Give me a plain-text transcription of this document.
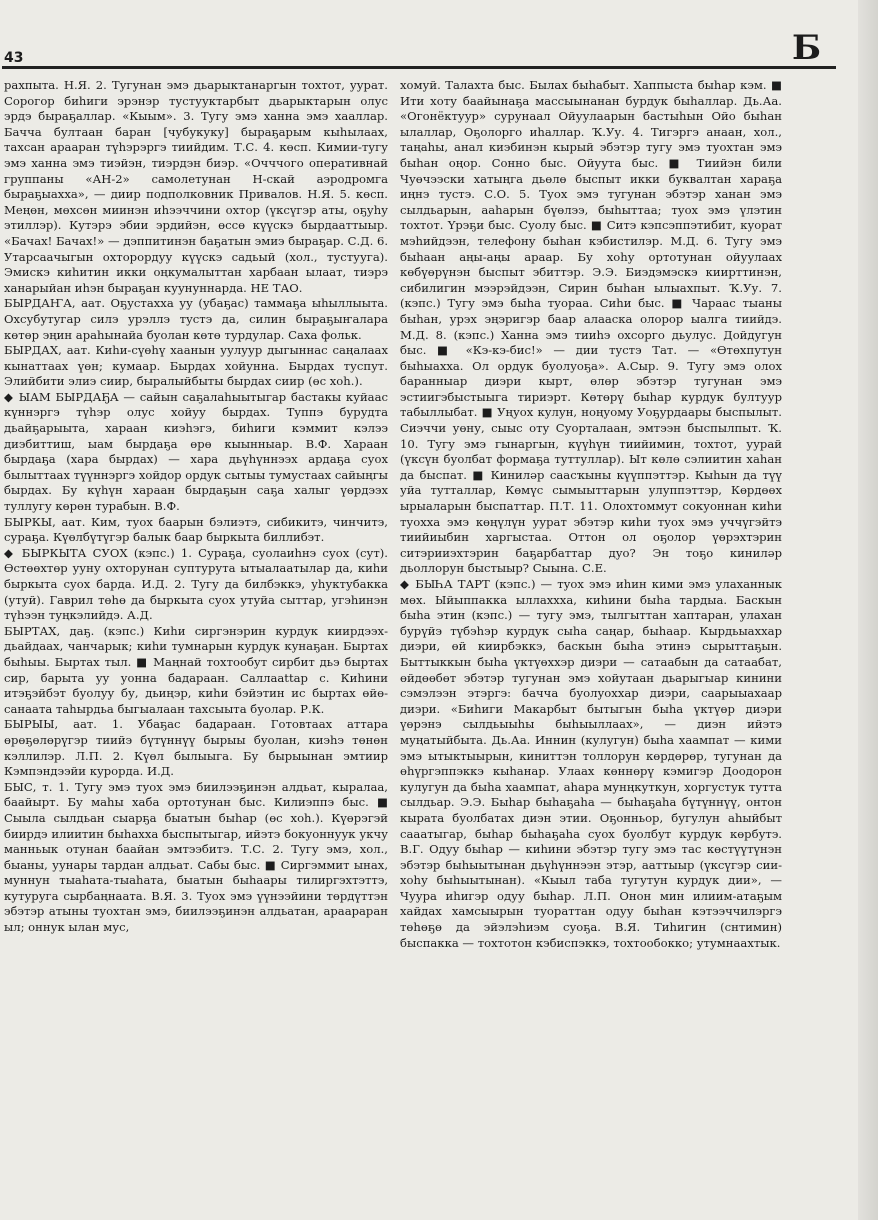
43	Б

рахпыта. Н.Я. 2. Тугунан эмэ дьарыктанаргын тохтот, уурат. Сорогор биһиги эрэнэр тустууктарбыт дьарыктарын олус эрдэ быраҕаллар. «Кыым». 3. Тугу эмэ ханна эмэ хааллар. Бачча бултаан баран [чубукуку] быраҕарым кыһылаах, тахсан арааран түһэрэргэ тиийдим. Т.С. 4. көсп. Кимии-тугу эмэ ханна эмэ тиэйэн, тиэрдэн биэр. «Очччого оперативнай группаны «АН-2» самолетунан Н-скай аэродромга быраҕыахха», — диир подполковник Привалов. Н.Я. 5. көсп. Меңөн, мөхсөн миинэн иһээччини охтор (үксүгэр аты, оҕуһу этиллэр). Кутэрэ эбии эрдийэн, өссө күүскэ бырдааттыыр. «Бачах! Бачах!» — дэппитинэн баҕатын эмиэ быраҕар. С.Д. 6. Утарсаачыгын охторордуу күүскэ садьый (хол., тустууга). Эмискэ киһитин икки оңкумалыттан харбаан ылаат, тиэрэ ханарыйан иһэн быраҕан куунуннарда. НЕ ТАО.

БЫРДАҤА, аат. Оҕустахха уу (убаҕас) таммаҕа ыһыллыыта. Охсубутугар силэ урэллэ тустэ да, силин быраҕыҥалара көтөр эңин араһынайа буолан көтө турдулар. Саха фольк.

БЫРДАХ, аат. Киһи-сүөһү хаанын уулуур дыгыннас саңалаах кынаттаах үөн; кумаар. Бырдах хойунна. Бырдах туспут. Элийбити элиэ сиир, быралыйбыты бырдах сиир (өс хоһ.).

◆ ЫАМ БЫРДАҔА — сайын саҕалаһыытыгар бастакы куйаас күннэргэ түһэр олус хойуу бырдах. Туппэ бурудта дьайҕарыыта, хараан киэһэгэ, биһиги кэммит кэлээ диэбиттиш, ыам бырдаҕа өрө кыынныар. В.Ф. Хараан бырдаҕа (хара бырдах) — хара дьүһүннээх ардаҕа суох былыттаах түүннэргэ хойдор ордук сытыы тумустаах сайыңгы бырдах. Бу күһүн хараан бырдаҕын саҕа халыг үөрдээх туллугу көрөн турабын. В.Ф.

БЫРКЫ, аат. Ким, туох баарын бэлиэтэ, сибикитэ, чинчитэ, сураҕа. Күөлбүтүгэр балык баар быркыта биллибэт.

◆ БЫРКЫТА СУОХ (кэпс.) 1. Сураҕа, суолаиһнэ суох (сут). Өстөөхтөр ууну охторунан суптурута ытыалаатылар да, киһи быркыта суох барда. И.Д. 2. Тугу да билбэккэ, уһуктубакка (утуй). Гаврил төһө да быркыта суох утуйа сыттар, угэһинэн түһээн туңкэлийдэ. А.Д.

БЫРТАХ, даҕ. (кэпс.) Киһи сиргэнэрин курдук киирдээх-дьайдаах, чанчарык; киһи тумнарын курдук кунаҕан. Быртах быһыы. Быртах тыл. ■ Маңнай тохтообут сирбит дьэ быртах сир, барыта уу уонна бадараан. Саллаattар с. Киһини итэҕэйбэт буолуу бу, дьиңэр, киһи бэйэтин ис быртах өйө-санаата таһырдьа быгыалаан тахсыыта буолар. Р.К.

БЫРЫЫ, аат. 1. Убаҕас бадараан. Готовтаах аттара өрөҕөлөрүгэр тиийэ бүтүннүү бырыы буолан, киэһэ төнөн кэллилэр. Л.П. 2. Күөл былыыга. Бу бырыынан эмтиир Кэмпэндээйи курорда. И.Д.

БЫС, т. 1. Тугу эмэ туох эмэ биилээҕинэн алдьат, кыралаа, баайырт. Бу маһы хаба ортотунан быс. Килиэппэ быс. ■ Сыыла сылдьан сыарҕа быатын быһар (өс хоһ.). Күөрэгэй биирдэ илиитин быһахха быспытыгар, ийэтэ бокуоннуук укчу манньык отунан баайан эмтээбитэ. Т.С. 2. Тугу эмэ, хол., быаны, уунары тардан алдьат. Сабы быс. ■ Сиргэммит ынах, муннун тыаһата-тыаһата, быатын быһаары тилиргэхтэттэ, кутуруга сырбаңнаата. В.Я. 3. Туох эмэ үүнээйини төрдүттэн эбэтэр атыны туохтан эмэ, биилээҕинэн алдьатан, араараран ыл; оннук ылан мус,

хомуй. Талахта быс. Былах быһабыт. Хаппыста быһар кэм. ■ Ити хоту баайынаҕа массыынанан бурдук быһаллар. Дь.Аа. «Огонёктуур» сурунаал Ойуулаарын бастыһын Ойо быһан ылаллар, Оҕолорго иһаллар. Ҡ.Уу. 4. Тигэргэ анаан, хол., таңаһы, анал киэбинэн кырый эбэтэр тугу эмэ туохтан эмэ быһан оңор. Сонно быс. Ойуута быс. ■ Тиийэн били Чуөчээски хатыңга дьөлө быспыт икки буквалтан хараҕа иңнэ тустэ. С.О. 5. Туох эмэ тугунан эбэтэр ханан эмэ сылдьарын, ааһарын бүөлээ, быһыттаа; туох эмэ үлэтин тохтот. Үрэҕи быс. Суолу быс. ■ Ситэ кэпсэппэтибит, куорат мэһийдээн, телефону быһан кэбистилэр. М.Д. 6. Тугу эмэ быһаан аңы-аңы араар. Бу хоһу ортотунан ойуулаах көбүөрүнэн быспыт эбиттэр. Э.Э. Биэдэмэскэ киирттинэн, сибилигин мээрэйдээн, Сирин быһан ылыахпыт. Ҡ.Уу. 7. (кэпс.) Тугу эмэ быһа туораа. Сиһи быс. ■ Чараас тыаны быһан, урэх эңэригэр баар алааска олорор ыалга тиийдэ. М.Д. 8. (кэпс.) Ханна эмэ тииһэ охсорго дьулус. Дойдугун быс. ■ «Кэ-кэ-бис!» — дии тустэ Тат. — «Өтөхпутун быһыахха. Ол ордук буолуоҕа». А.Сыр. 9. Тугу эмэ олох баранныар диэри кырт, өлөр эбэтэр тугунан эмэ эстиигэбыстыыга тириэрт. Көтөрү быһар курдук бултуур табыллыбат. ■ Уңуох кулун, ноңуому Уоҕурдаары быспылыт. Сиэччи уөну, сыыс оту Суорталаан, эмтээн быспылпыт. Ҡ. 10. Тугу эмэ гынаргын, күүһүн тиийимин, тохтот, уурай (үксүн буолбат формаҕа туттуллар). Ыт көлө сэлиитин хаһан да быспат. ■ Киниләр саасҡыны күүппэттэр. Кыһын да түү уйа тутталлар, Көмүс сымыыттарын улуппэттэр, Көрдөөх ырыаларын быспаттар. П.Т. 11. Олохтоммут сокуоннан киһи туохха эмэ көңүлүн уурат эбэтэр киһи туох эмэ уччүгэйтэ тиийиыбин харгыстаа. Оттон ол оҕолор үөрэхтэрин ситэрииэхтэрин баҕарбаттар дуо? Эн тоҕо киниләр дьоллорун быстыыр? Сыына. С.Е.

◆ БЫҺА ТАРТ (кэпс.) — туох эмэ иһин кими эмэ улаханнык мөх. Ыйыппакка ыллаххха, киһини быһа тардыа. Баскын быһа этин (кэпс.) — тугу эмэ, тылгыттан хаптаран, улахан бурүйэ түбэһэр курдук сыһа саңар, быһаар. Кырдьыаххар диэри, өй киирбэккэ, баскын быһа этинэ сырыттаҕын. Быттыккын быһа үктүөххэр диэри — сатаабын да сатаабат, өйдөөбөт эбэтэр тугунан эмэ хойутаан дьарыгыар кинини сэмэлээн этэргэ: бачча буолуоххар диэри, саарыыахаар диэри. «Биһиги Макарбыт бытыгын быһа үктүөр диэри үөрэнэ сылдьыыһы быһыыллаах», — диэн ийэтэ муңатыйбыта. Дь.Аа. Иннин (кулугун) быһа хаампат — кими эмэ ытыктыырын, киниттэн толлорун көрдөрөр, тугунан да өһүргэппэккэ кыһанар. Улаах көннөрү кэмигэр Доодорон кулугун да быһа хаампат, аһара мунңкуткун, хоргустук тутта сылдьар. Э.Э. Быһар быһаҕаһа — быһаҕаһа бүтүннүү, онтон кырата буолбатах диэн этии. Оҕонньор, бугулун аһыйбыт сааатыгар, быһар быһаҕаһа суох буолбут курдук көрбутэ. В.Г. Одуу быһар — киһини эбэтэр тугу эмэ тас көстүүтүнэн эбэтэр быһыытынан дьүһүннээн этэр, ааттыыр (үксүгэр сии-хоһу быһыытынан). «Кыыл таба тугутун курдук дии», — Чуура иһигэр одуу быһар. Л.П. Онон мин илиим-атаҕым хайдах хамсыырын туораттан одуу быһан кэтээччилэргэ төһөҕө да эйэлэһиэм суоҕа. В.Я. Тиһигин (снтимин) быспакка — тохтотон кэбиспэккэ, тохтообокко; утумнаахтык.
